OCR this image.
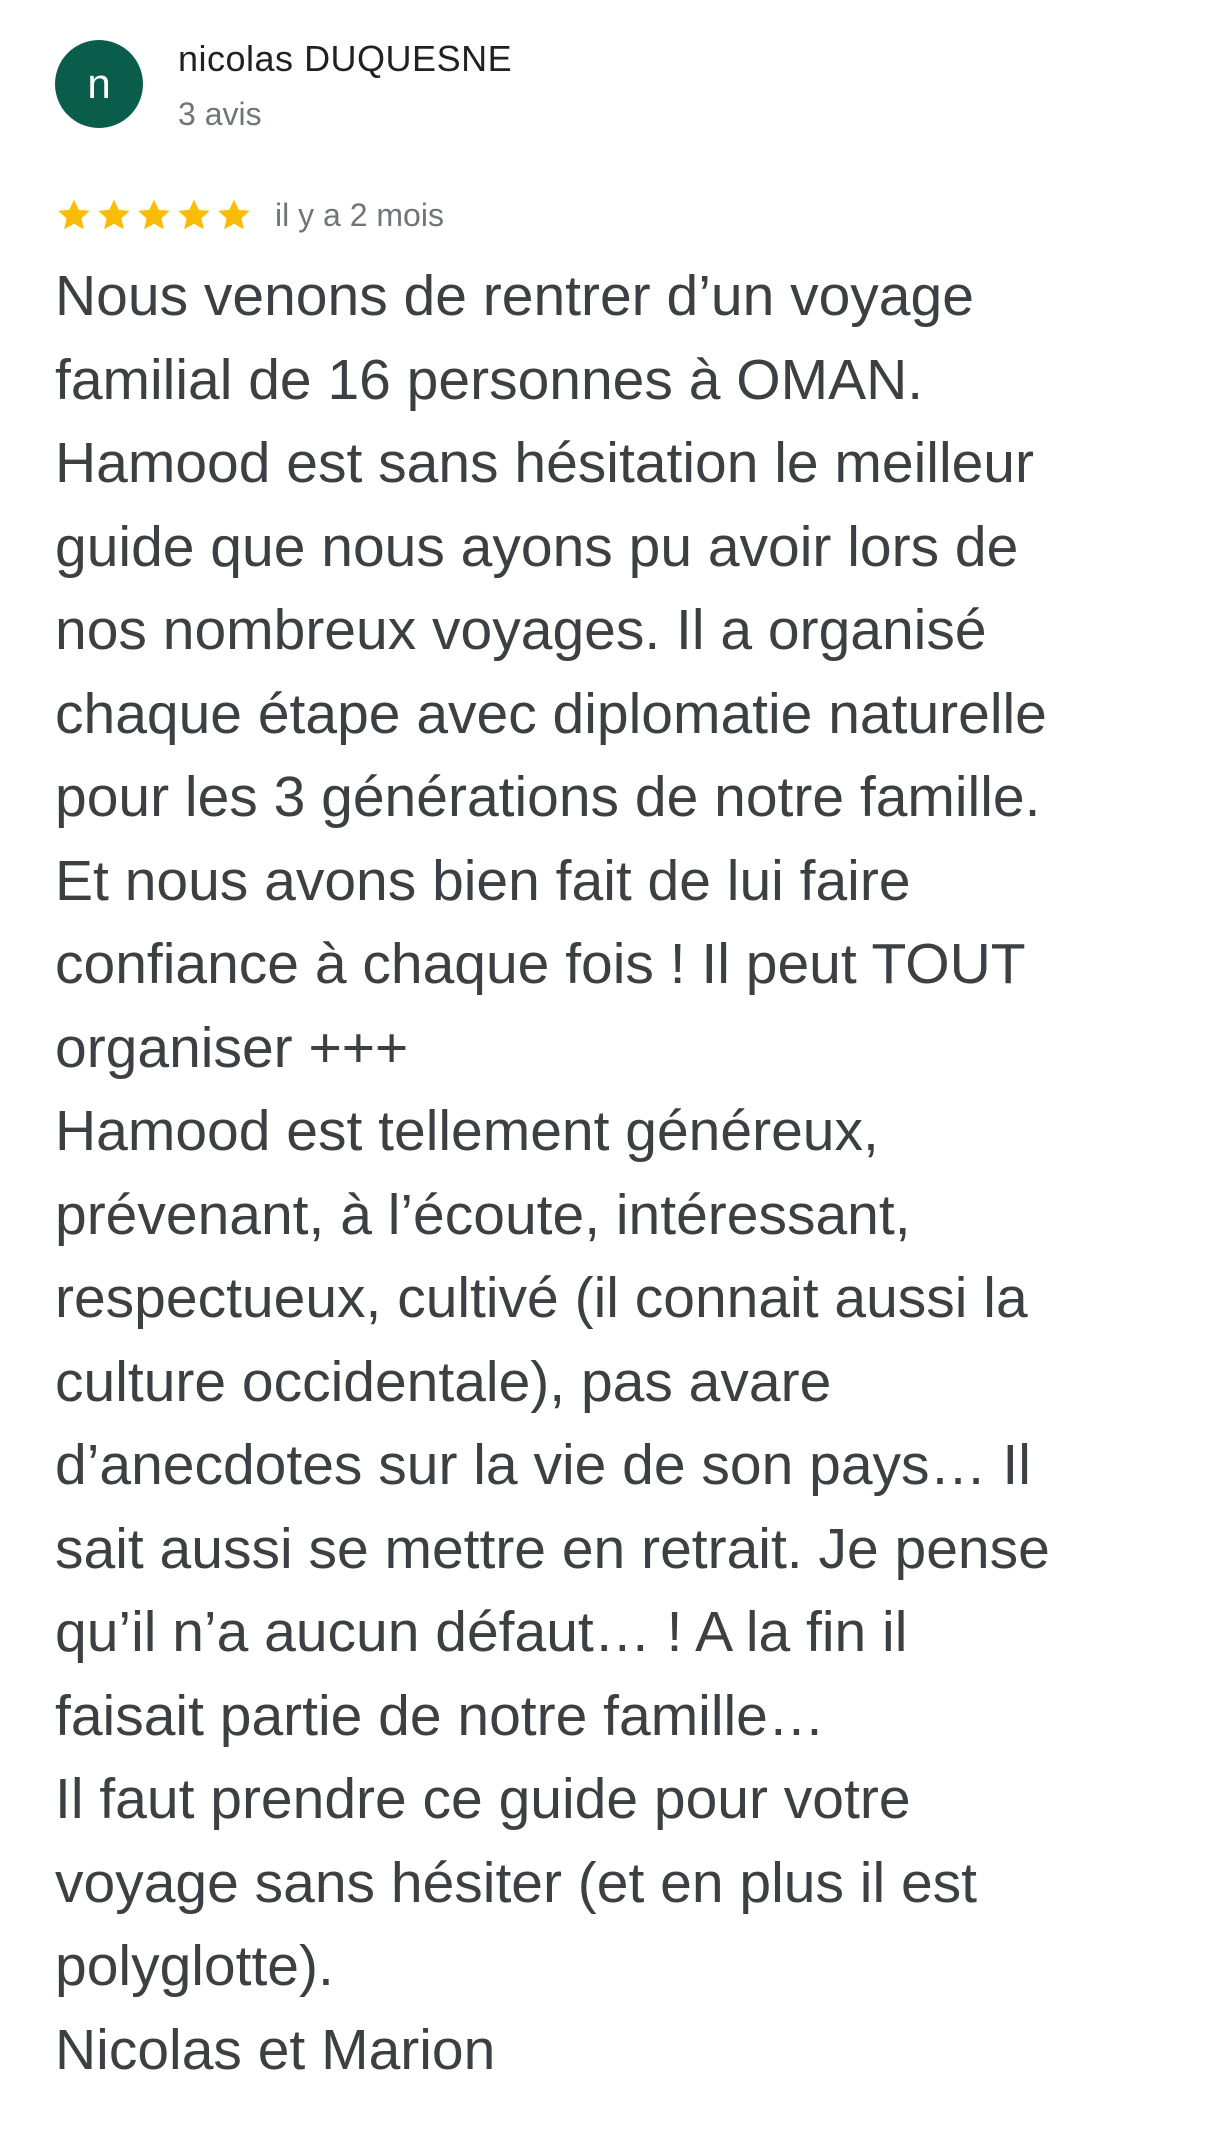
n
nicolas DUQUESNE
3 avis
il y a 2 mois
Nous venons de rentrer d’un voyage
familial de 16 personnes à OMAN.
Hamood est sans hésitation le meilleur
guide que nous ayons pu avoir lors de
nos nombreux voyages. Il a organisé
chaque étape avec diplomatie naturelle
pour les 3 générations de notre famille.
Et nous avons bien fait de lui faire
confiance à chaque fois ! Il peut TOUT
organiser +++
Hamood est tellement généreux,
prévenant, à l’écoute, intéressant,
respectueux, cultivé (il connait aussi la
culture occidentale), pas avare
d’anecdotes sur la vie de son pays… Il
sait aussi se mettre en retrait. Je pense
qu’il n’a aucun défaut… ! A la fin il
faisait partie de notre famille…
Il faut prendre ce guide pour votre
voyage sans hésiter (et en plus il est
polyglotte).
Nicolas et Marion
